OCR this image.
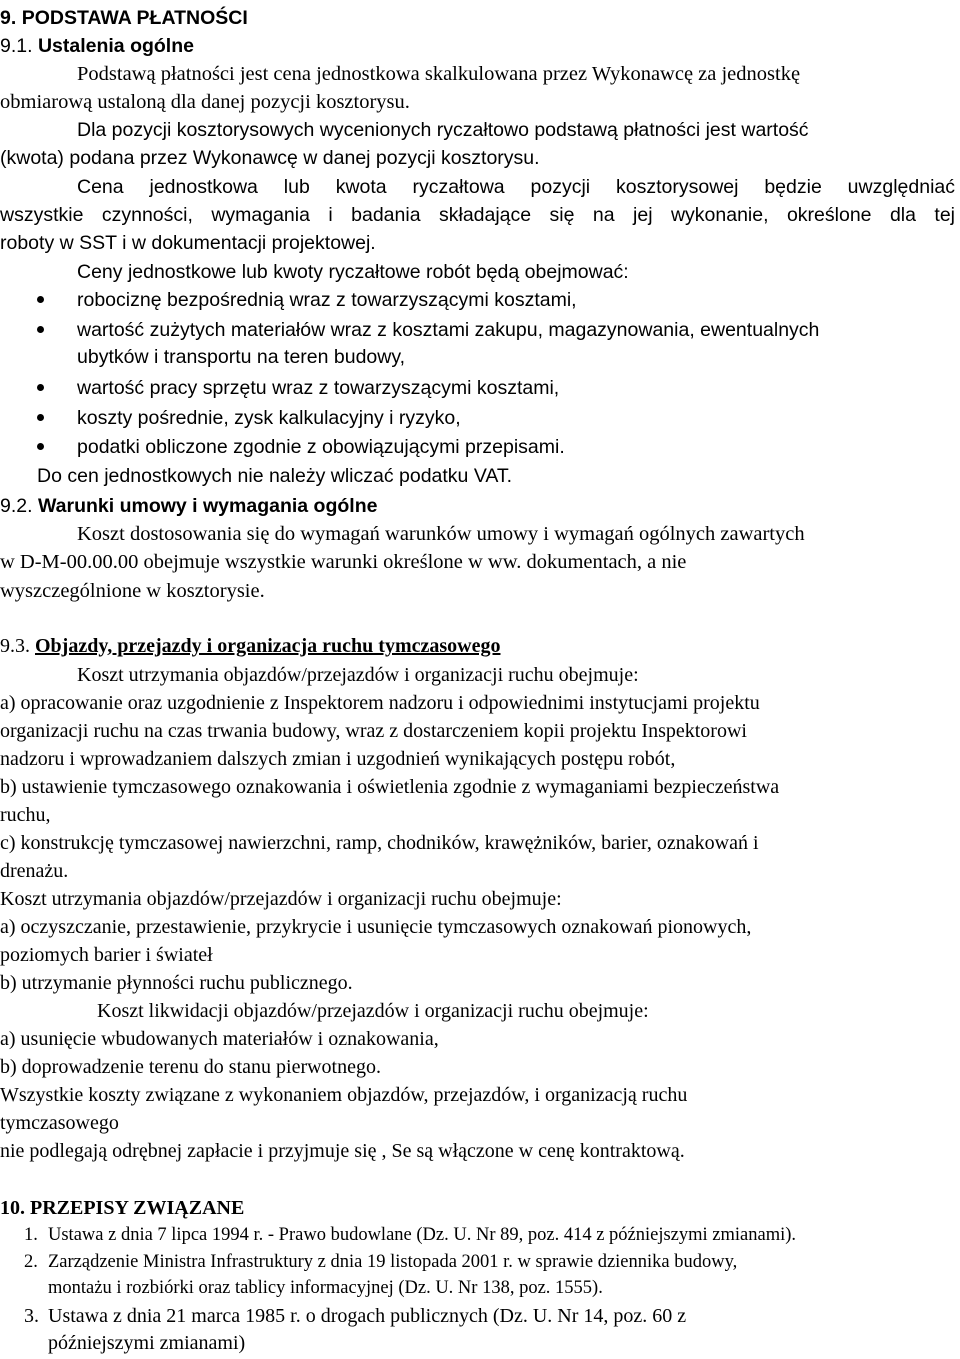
9. PODSTAWA PŁATNOŚCI
9.1. Ustalenia ogólne
Podstawą płatności jest cena jednostkowa skalkulowana przez Wykonawcę za jednostkę
obmiarową ustaloną dla danej pozycji kosztorysu.
Dla pozycji kosztorysowych wycenionych ryczałtowo podstawą płatności jest wartość
(kwota) podana przez Wykonawcę w danej pozycji kosztorysu.
Cena jednostkowa lub kwota ryczałtowa pozycji kosztorysowej będzie uwzględniać
wszystkie czynności, wymagania i badania składające się na jej wykonanie, określone dla tej
roboty w SST i w dokumentacji projektowej.
Ceny jednostkowe lub kwoty ryczałtowe robót będą obejmować:
robociznę bezpośrednią wraz z towarzyszącymi kosztami,
wartość zużytych materiałów wraz z kosztami zakupu, magazynowania, ewentualnych
ubytków i transportu na teren budowy,
wartość pracy sprzętu wraz z towarzyszącymi kosztami,
koszty pośrednie, zysk kalkulacyjny i ryzyko,
podatki obliczone zgodnie z obowiązującymi przepisami.
Do cen jednostkowych nie należy wliczać podatku VAT.
9.2. Warunki umowy i wymagania ogólne
Koszt dostosowania się do wymagań warunków umowy i wymagań ogólnych zawartych
w D-M-00.00.00 obejmuje wszystkie warunki określone w ww. dokumentach, a nie
wyszczególnione w kosztorysie.
9.3. Objazdy, przejazdy i organizacja ruchu tymczasowego
Koszt utrzymania objazdów/przejazdów i organizacji ruchu obejmuje:
a) opracowanie oraz uzgodnienie z Inspektorem nadzoru i odpowiednimi instytucjami projektu
organizacji ruchu na czas trwania budowy, wraz z dostarczeniem kopii projektu Inspektorowi
nadzoru i wprowadzaniem dalszych zmian i uzgodnień wynikających postępu robót,
b) ustawienie tymczasowego oznakowania i oświetlenia zgodnie z wymaganiami bezpieczeństwa
ruchu,
c) konstrukcję tymczasowej nawierzchni, ramp, chodników, krawężników, barier, oznakowań i
drenażu.
Koszt utrzymania objazdów/przejazdów i organizacji ruchu obejmuje:
a) oczyszczanie, przestawienie, przykrycie i usunięcie tymczasowych oznakowań pionowych,
poziomych barier i świateł
b) utrzymanie płynności ruchu publicznego.
Koszt likwidacji objazdów/przejazdów i organizacji ruchu obejmuje:
a) usunięcie wbudowanych materiałów i oznakowania,
b) doprowadzenie terenu do stanu pierwotnego.
Wszystkie koszty związane z wykonaniem objazdów, przejazdów, i organizacją ruchu
tymczasowego
nie podlegają odrębnej zapłacie i przyjmuje się , Se są włączone w cenę kontraktową.
10. PRZEPISY ZWIĄZANE
1. Ustawa z dnia 7 lipca 1994 r. - Prawo budowlane (Dz. U. Nr 89, poz. 414 z późniejszymi zmianami).
2. Zarządzenie Ministra Infrastruktury z dnia 19 listopada 2001 r. w sprawie dziennika budowy,
montażu i rozbiórki oraz tablicy informacyjnej (Dz. U. Nr 138, poz. 1555).
3. Ustawa z dnia 21 marca 1985 r. o drogach publicznych (Dz. U. Nr 14, poz. 60 z
późniejszymi zmianami)
